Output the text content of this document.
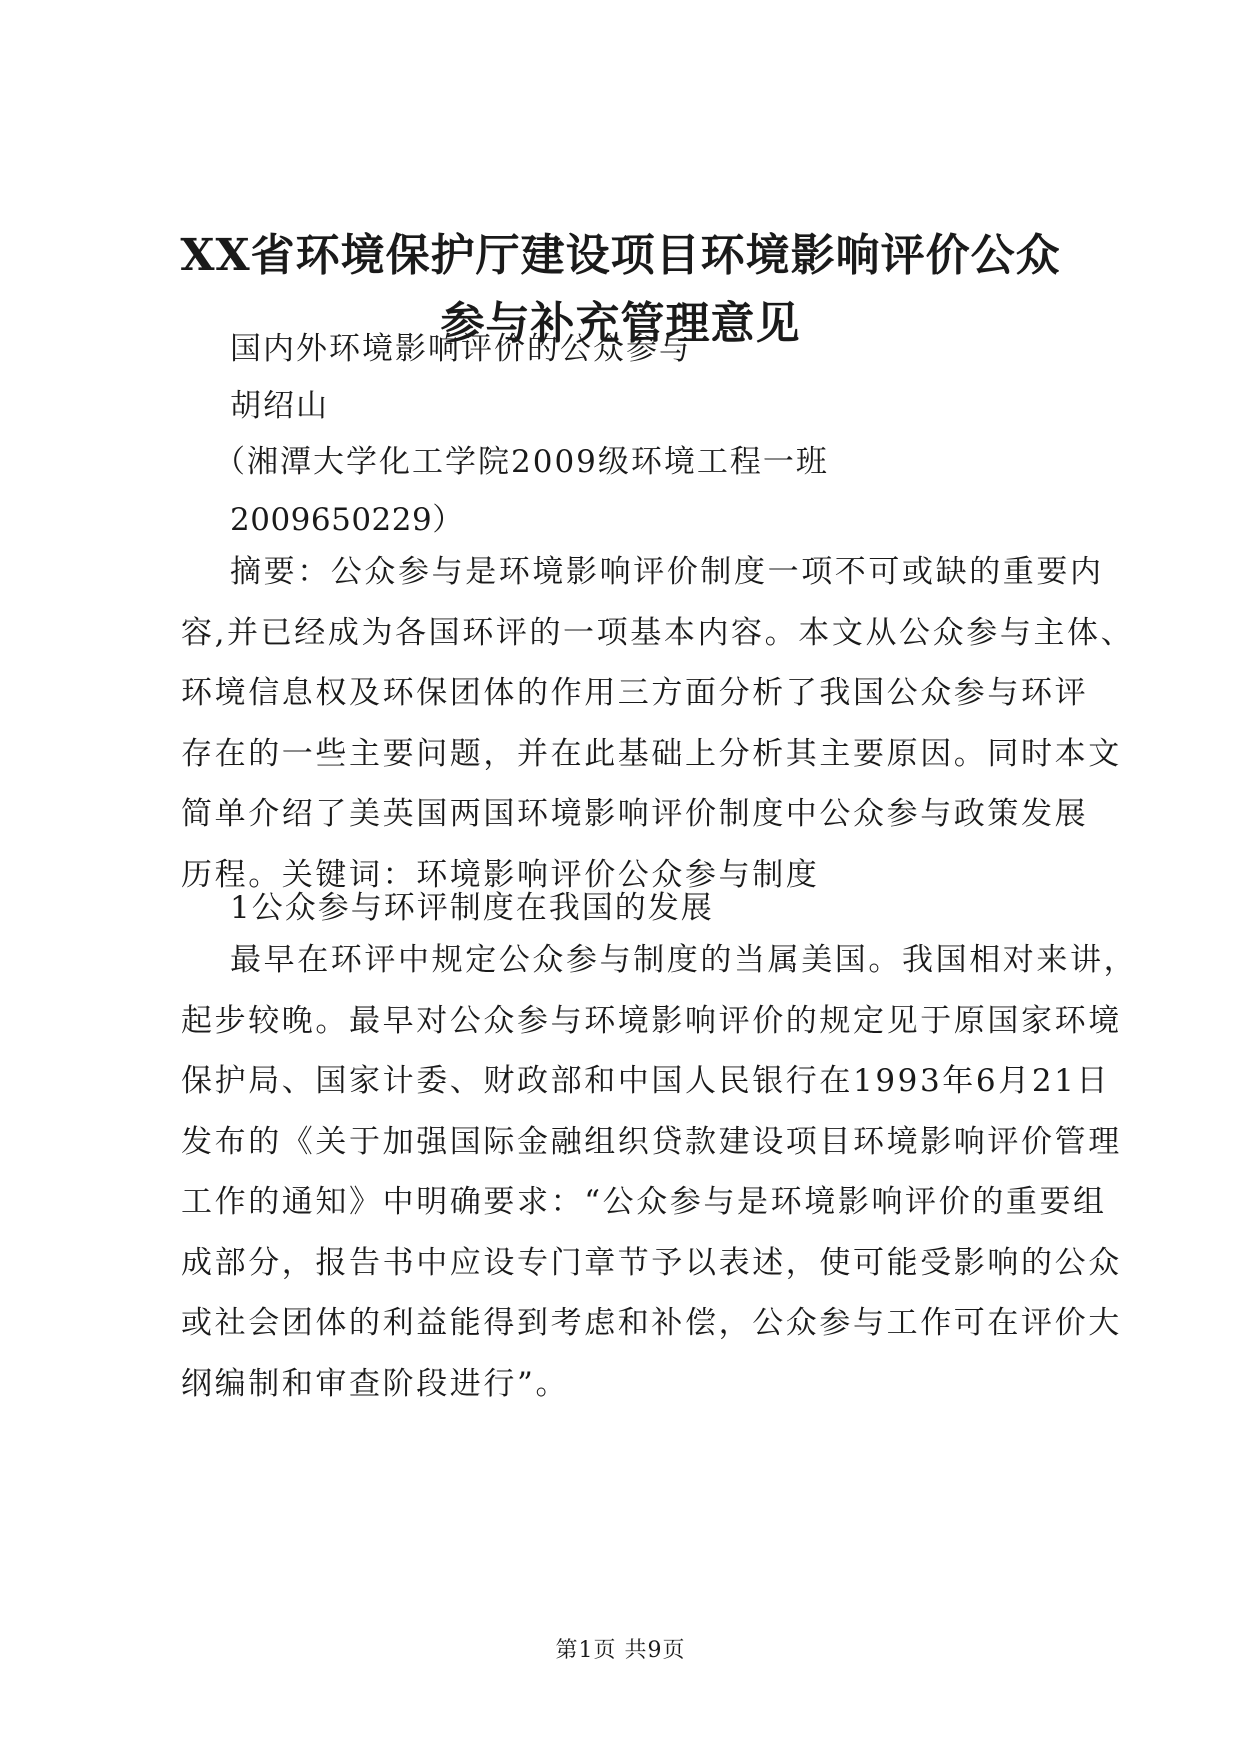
XX省环境保护厅建设项目环境影响评价公众
参与补充管理意见
国内外环境影响评价的公众参与
胡绍山
（湘潭大学化工学院2009级环境工程一班
2009650229）
摘要：公众参与是环境影响评价制度一项不可或缺的重要内
容,并已经成为各国环评的一项基本内容。本文从公众参与主体、
环境信息权及环保团体的作用三方面分析了我国公众参与环评
存在的一些主要问题，并在此基础上分析其主要原因。同时本文
简单介绍了美英国两国环境影响评价制度中公众参与政策发展
历程。关键词：环境影响评价公众参与制度
1公众参与环评制度在我国的发展
最早在环评中规定公众参与制度的当属美国。我国相对来讲，
起步较晚。最早对公众参与环境影响评价的规定见于原国家环境
保护局、国家计委、财政部和中国人民银行在1993年6月21日
发布的《关于加强国际金融组织贷款建设项目环境影响评价管理
工作的通知》中明确要求：“公众参与是环境影响评价的重要组
成部分，报告书中应设专门章节予以表述，使可能受影响的公众
或社会团体的利益能得到考虑和补偿，公众参与工作可在评价大
纲编制和审查阶段进行”。
第1页 共9页
